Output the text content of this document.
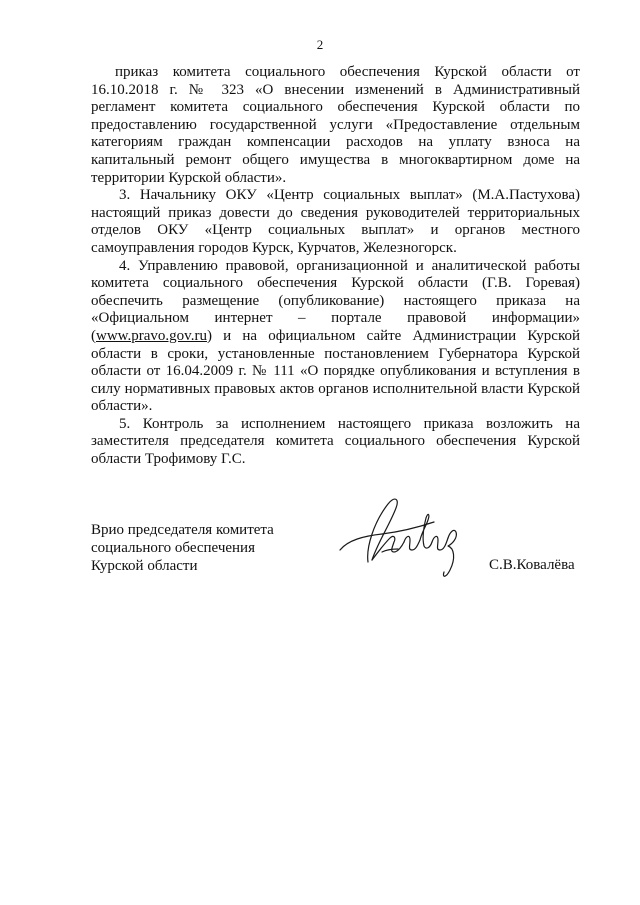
2

приказ комитета социального обеспечения Курской области от 16.10.2018 г. № 323 «О внесении изменений в Административный регламент комитета социального обеспечения Курской области по предоставлению государственной услуги «Предоставление отдельным категориям граждан компенсации расходов на уплату взноса на капитальный ремонт общего имущества в многоквартирном доме на территории Курской области».

3. Начальнику ОКУ «Центр социальных выплат» (М.А.Пастухова) настоящий приказ довести до сведения руководителей территориальных отделов ОКУ «Центр социальных выплат» и органов местного самоуправления городов Курск, Курчатов, Железногорск.

4. Управлению правовой, организационной и аналитической работы комитета социального обеспечения Курской области (Г.В. Горевая) обеспечить размещение (опубликование) настоящего приказа на «Официальном интернет – портале правовой информации» (www.pravo.gov.ru) и на официальном сайте Администрации Курской области в сроки, установленные постановлением Губернатора Курской области от 16.04.2009 г. № 111 «О порядке опубликования и вступления в силу нормативных правовых актов органов исполнительной власти Курской области».

5. Контроль за исполнением настоящего приказа возложить на заместителя председателя комитета социального обеспечения Курской области Трофимову Г.С.

Врио председателя комитета
социального обеспечения
Курской области	С.В.Ковалёва
